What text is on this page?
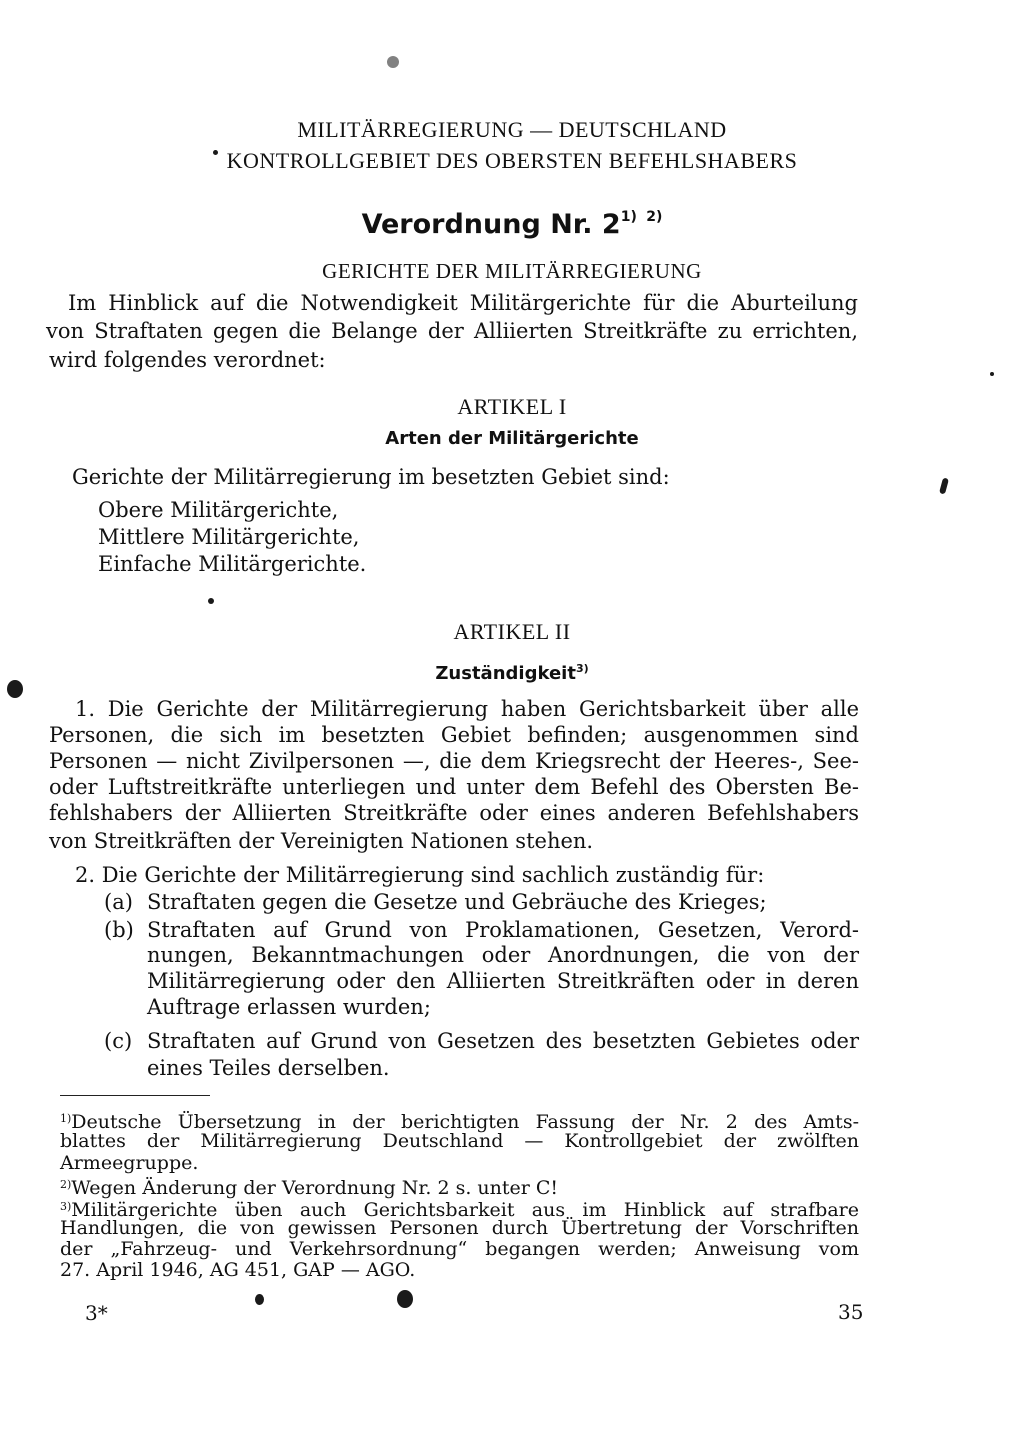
MILITÄRREGIERUNG — DEUTSCHLAND
KONTROLLGEBIET DES OBERSTEN BEFEHLSHABERS
Verordnung Nr. 2$^{1)}$ $^{2)}$
GERICHTE DER MILITÄRREGIERUNG
Im Hinblick auf die Notwendigkeit Militärgerichte für die Aburteilung
von Straftaten gegen die Belange der Alliierten Streitkräfte zu errichten,
wird folgendes verordnet:
ARTIKEL I
Arten der Militärgerichte
Gerichte der Militärregierung im besetzten Gebiet sind:
Obere Militärgerichte,
Mittlere Militärgerichte,
Einfache Militärgerichte.
ARTIKEL II
Zuständigkeit$^{3)}$
1. Die Gerichte der Militärregierung haben Gerichtsbarkeit über alle
Personen, die sich im besetzten Gebiet befinden; ausgenommen sind
Personen — nicht Zivilpersonen —, die dem Kriegsrecht der Heeres-, See-
oder Luftstreitkräfte unterliegen und unter dem Befehl des Obersten Be-
fehlshabers der Alliierten Streitkräfte oder eines anderen Befehlshabers
von Streitkräften der Vereinigten Nationen stehen.
2. Die Gerichte der Militärregierung sind sachlich zuständig für:
(a) Straftaten gegen die Gesetze und Gebräuche des Krieges;
(b) Straftaten auf Grund von Proklamationen, Gesetzen, Verord-
nungen, Bekanntmachungen oder Anordnungen, die von der
Militärregierung oder den Alliierten Streitkräften oder in deren
Auftrage erlassen wurden;
(c) Straftaten auf Grund von Gesetzen des besetzten Gebietes oder
eines Teiles derselben.
$^{1)}$Deutsche Übersetzung in der berichtigten Fassung der Nr. 2 des Amts-
blattes der Militärregierung Deutschland — Kontrollgebiet der zwölften
Armeegruppe.
$^{2)}$Wegen Änderung der Verordnung Nr. 2 s. unter C!
$^{3)}$Militärgerichte üben auch Gerichtsbarkeit aus im Hinblick auf strafbare
Handlungen, die von gewissen Personen durch Übertretung der Vorschriften
der „Fahrzeug- und Verkehrsordnung“ begangen werden; Anweisung vom
27. April 1946, AG 451, GAP — AGO.
3*	35
